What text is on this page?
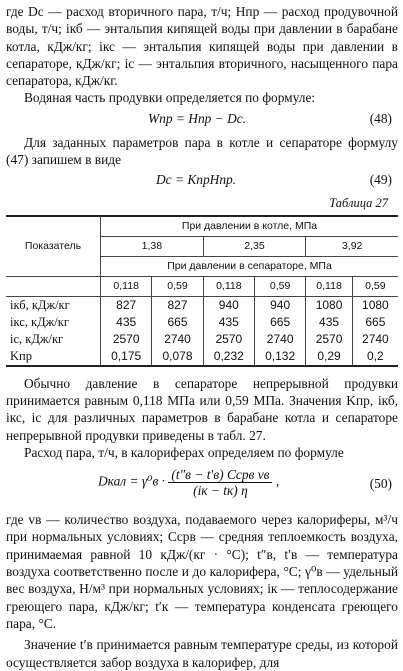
где Dс — расход вторичного пара, т/ч; Hпр — расход продувочной воды, т/ч; iкб — энтальпия кипящей воды при давлении в барабане котла, кДж/кг; iкс — энтальпия кипящей воды при давлении в сепараторе, кДж/кг; iс — энтальпия вторичного, насыщенного пара сепаратора, кДж/кг.

Водяная часть продувки определяется по формуле:

Wпр = Hпр − Dс.	(48)

Для заданных параметров пара в котле и сепараторе формулу (47) запишем в виде

Dс = KпрHпр.	(49)
Таблица 27
Показатель	При давлении в котле, МПа					
	1,38		2,35		3,92	
	При давлении в сепараторе, МПа					
	0,118	0,59	0,118	0,59	0,118	0,59
iкб, кДж/кг	827	827	940	940	1080	1080
iкс, кДж/кг	435	665	435	665	435	665
iс, кДж/кг	2570	2740	2570	2740	2570	2740
Kпр	0,175	0,078	0,232	0,132	0,29	0,2

Обычно давление в сепараторе непрерывной продувки принимается равным 0,118 МПа или 0,59 МПа. Значения Kпр, iкб, iкс, iс для различных параметров в барабане котла и сепараторе непрерывной продувки приведены в табл. 27.

Расход пара, т/ч, в калориферах определяем по формуле

Dкал = $\gamma^0в \cdot \frac{\text{(t″в − t′в) Cсрв vв}}{(iк - tк) \eta}$ ,	(50)

где vв — количество воздуха, подаваемого через калориферы, м³/ч при нормальных условиях; Cсрв — средняя теплоемкость воздуха, принимаемая равной 10 кДж/(кг · °С); t″в, t′в — температура воздуха соответственно после и до калорифера, °С; γ⁰в — удельный вес воздуха, Н/м³ при нормальных условиях; iк — теплосодержание греющего пара, кДж/кг; t′к — температура конденсата греющего пара, °С.

Значение t′в принимается равным температуре среды, из которой осуществляется забор воздуха в калорифер, для
